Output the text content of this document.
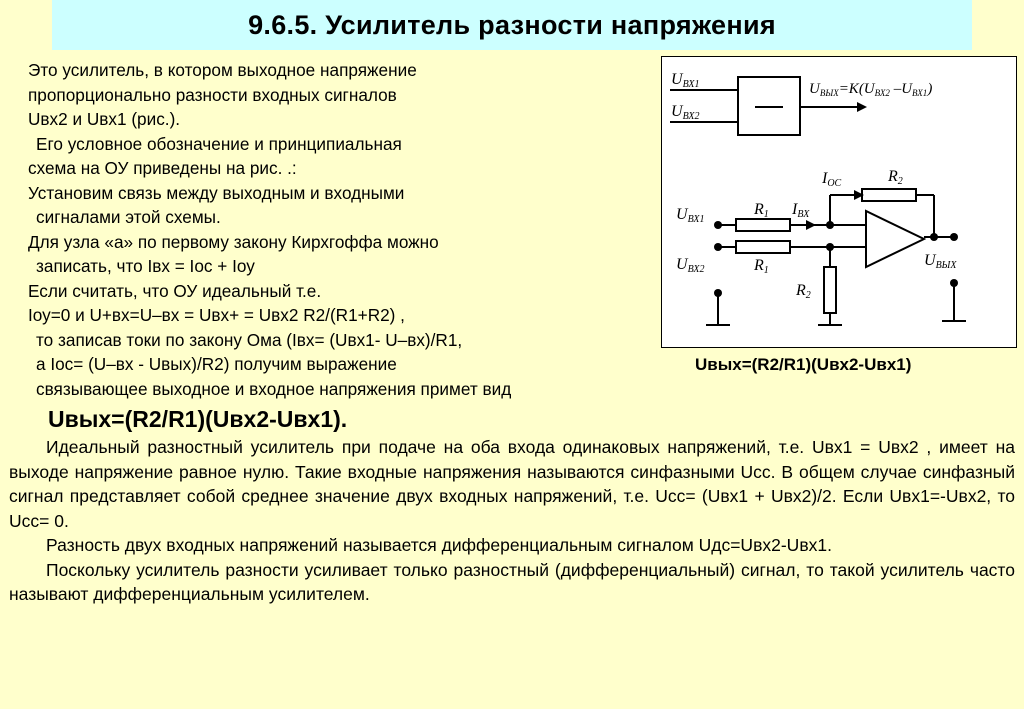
9.6.5. Усилитель разности напряжения

Это усилитель, в котором выходное напряжение

пропорционально разности входных сигналов

Uвх2 и Uвх1 (рис.).

Его условное обозначение и принципиальная

схема на ОУ приведены на рис. .:

Установим связь между выходным и входными

сигналами этой схемы.

Для узла «а» по первому закону Кирхгоффа можно

записать, что Iвх = Iос + Iоу

Если считать, что ОУ идеальный т.е.

Iоу=0 и U+вх=U–вх = Uвх+ = Uвх2 R2/(R1+R2) ,

то записав токи по закону Ома (Iвх= (Uвх1- U–вх)/R1,

а Iос= (U–вх - Uвых)/R2) получим выражение

связывающее выходное и входное напряжения примет вид

UВХ1
UВХ2
$U_{ВЫХ}=K(U_{ВХ2}$ $-U_{ВХ1}$)
IОС	R2
R1 IВХ
UВХ1
UВХ2	R1
R2
UВЫХ
Uвых=(R2/R1)(Uвх2-Uвх1)
Uвых=(R2/R1)(Uвх2-Uвх1).

Идеальный разностный усилитель при подаче на оба входа одинаковых напряжений, т.е. Uвх1 = Uвх2 , имеет на выходе напряжение равное нулю. Такие входные напряжения называются синфазными Uсс. В общем случае синфазный сигнал представляет собой среднее значение двух входных напряжений, т.е. Uсс= (Uвх1 + Uвх2)/2. Если Uвх1=-Uвх2, то Uсс= 0.

Разность двух входных напряжений называется дифференциальным сигналом Uдс=Uвх2-Uвх1.

Поскольку усилитель разности усиливает только разностный (дифференциальный) сигнал, то такой усилитель часто называют дифференциальным усилителем.
